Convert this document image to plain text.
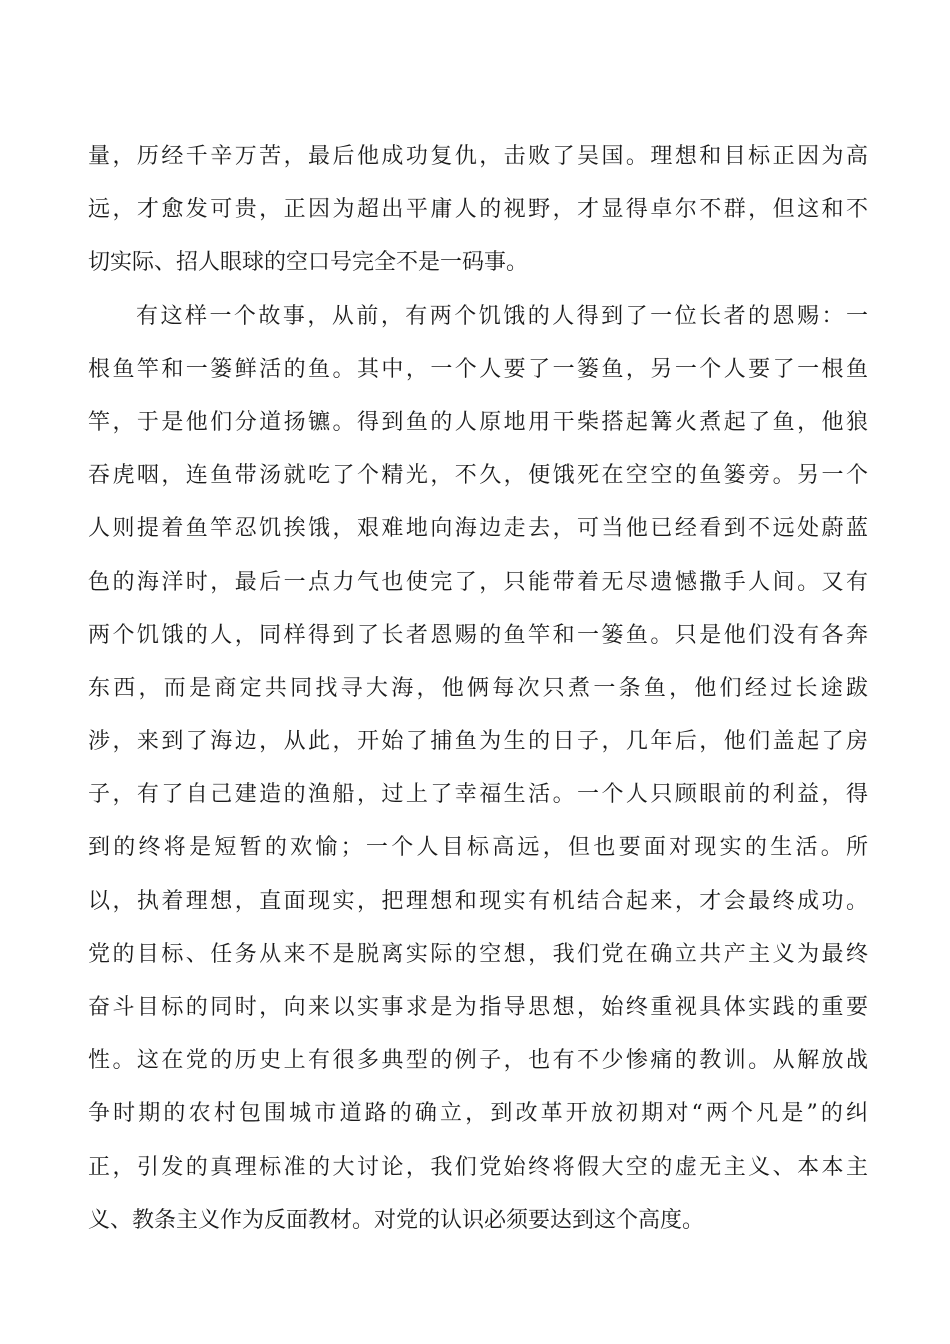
量，历经千辛万苦，最后他成功复仇，击败了吴国。理想和目标正因为高
远，才愈发可贵，正因为超出平庸人的视野，才显得卓尔不群，但这和不
切实际、招人眼球的空口号完全不是一码事。
有这样一个故事，从前，有两个饥饿的人得到了一位长者的恩赐：一
根鱼竿和一篓鲜活的鱼。其中，一个人要了一篓鱼，另一个人要了一根鱼
竿，于是他们分道扬镳。得到鱼的人原地用干柴搭起篝火煮起了鱼，他狼
吞虎咽，连鱼带汤就吃了个精光，不久，便饿死在空空的鱼篓旁。另一个
人则提着鱼竿忍饥挨饿，艰难地向海边走去，可当他已经看到不远处蔚蓝
色的海洋时，最后一点力气也使完了，只能带着无尽遗憾撒手人间。又有
两个饥饿的人，同样得到了长者恩赐的鱼竿和一篓鱼。只是他们没有各奔
东西，而是商定共同找寻大海，他俩每次只煮一条鱼，他们经过长途跋
涉，来到了海边，从此，开始了捕鱼为生的日子，几年后，他们盖起了房
子，有了自己建造的渔船，过上了幸福生活。一个人只顾眼前的利益，得
到的终将是短暂的欢愉；一个人目标高远，但也要面对现实的生活。所
以，执着理想，直面现实，把理想和现实有机结合起来，才会最终成功。
党的目标、任务从来不是脱离实际的空想，我们党在确立共产主义为最终
奋斗目标的同时，向来以实事求是为指导思想，始终重视具体实践的重要
性。这在党的历史上有很多典型的例子，也有不少惨痛的教训。从解放战
争时期的农村包围城市道路的确立，到改革开放初期对“两个凡是”的纠
正，引发的真理标准的大讨论，我们党始终将假大空的虚无主义、本本主
义、教条主义作为反面教材。对党的认识必须要达到这个高度。
